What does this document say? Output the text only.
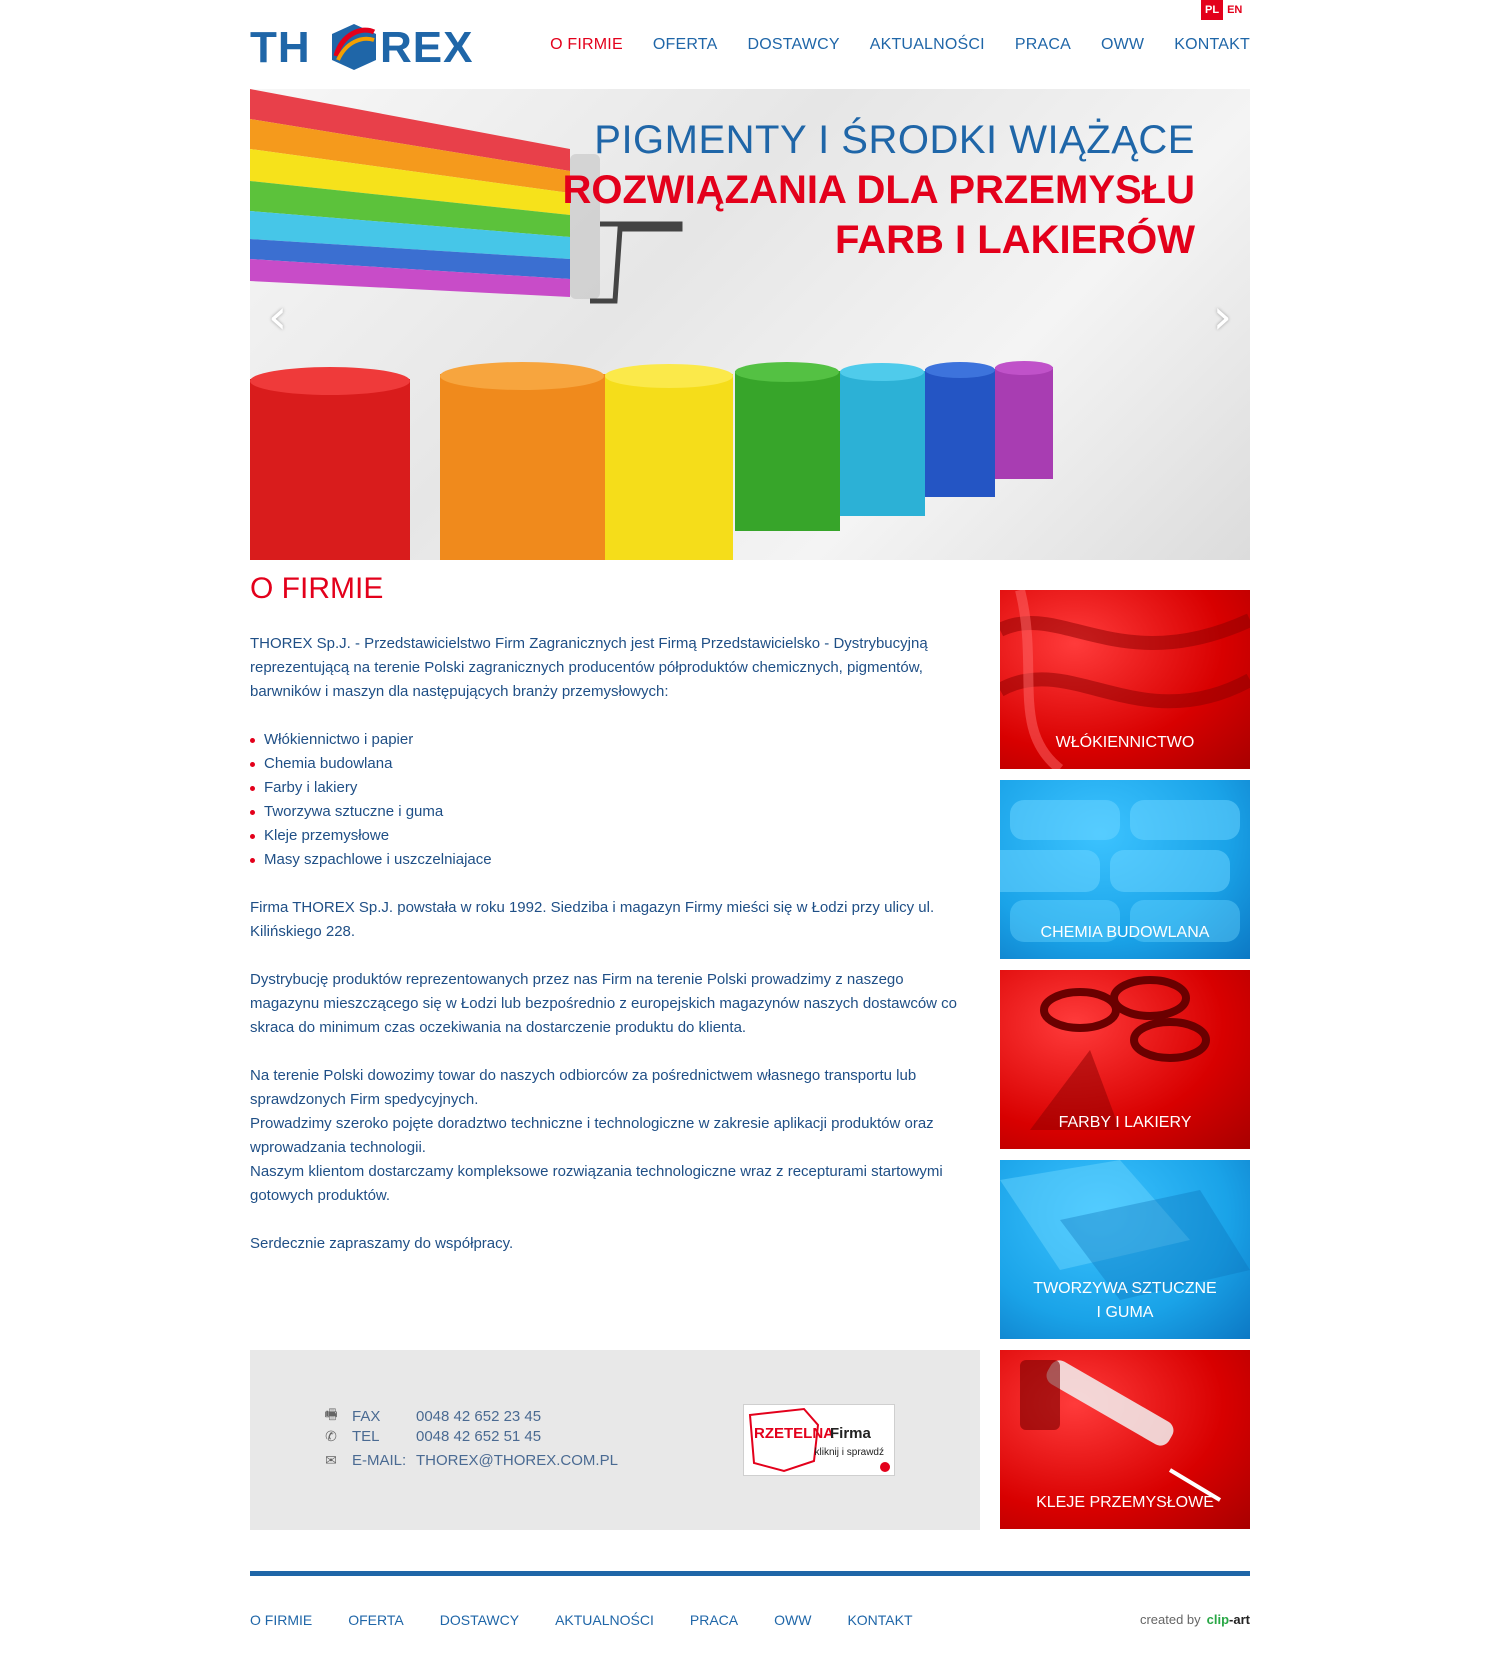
PL EN
TH REX	O FIRMIE OFERTA DOSTAWCY AKTUALNOŚCI PRACA OWW KONTAKT
PIGMENTY I ŚRODKI WIĄŻĄCE
ROZWIĄZANIA DLA PRZEMYSŁU
FARB I LAKIERÓW
‹	›
O FIRMIE

THOREX Sp.J. - Przedstawicielstwo Firm Zagranicznych jest Firmą Przedstawicielsko - Dystrybucyjną reprezentującą na terenie Polski zagranicznych producentów półproduktów chemicznych, pigmentów, barwników i maszyn dla następujących branży przemysłowych:

Włókiennictwo i papier
Chemia budowlana
Farby i lakiery
Tworzywa sztuczne i guma
Kleje przemysłowe
Masy szpachlowe i uszczelniajace

Firma THOREX Sp.J. powstała w roku 1992. Siedziba i magazyn Firmy mieści się w Łodzi przy ulicy ul. Kilińskiego 228.

Dystrybucję produktów reprezentowanych przez nas Firm na terenie Polski prowadzimy z naszego magazynu mieszczącego się w Łodzi lub bezpośrednio z europejskich magazynów naszych dostawców co skraca do minimum czas oczekiwania na dostarczenie produktu do klienta.

Na terenie Polski dowozimy towar do naszych odbiorców za pośrednictwem własnego transportu lub sprawdzonych Firm spedycyjnych.

Prowadzimy szeroko pojęte doradztwo techniczne i technologiczne w zakresie aplikacji produktów oraz wprowadzania technologii.

Naszym klientom dostarczamy kompleksowe rozwiązania technologiczne wraz z recepturami startowymi gotowych produktów.

Serdecznie zapraszamy do współpracy.

WŁÓKIENNICTWO
CHEMIA BUDOWLANA
FARBY I LAKIERY
TWORZYWA SZTUCZNE
I GUMA
KLEJE PRZEMYSŁOWE
🖷 FAX	0048 42 652 23 45
✆ TEL	0048 42 652 51 45
✉ E-MAIL: THOREX@THOREX.COM.PL
RZETELNA
Firma
kliknij i sprawdź
O FIRMIE	OFERTA	DOSTAWCY	AKTUALNOŚCI	PRACA	OWW	KONTAKT	created by clip-art
